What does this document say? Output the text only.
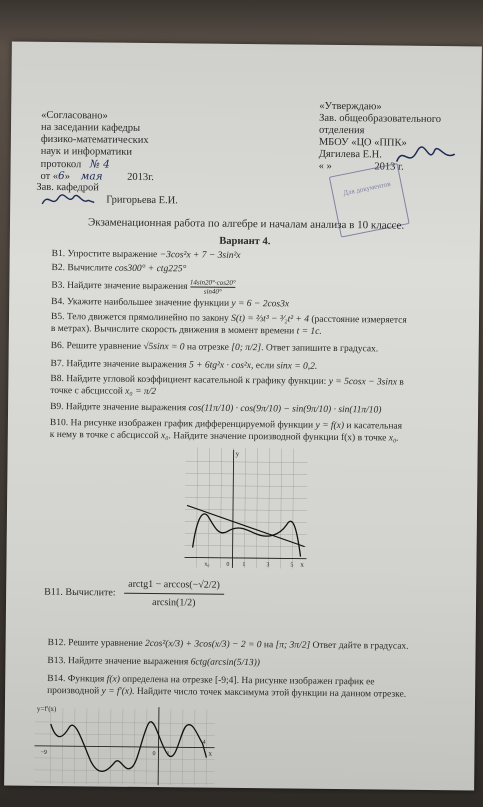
«Согласовано»
на заседании кафедры
физико-математических
наук и информатики
протокол № 4
от «6» мая 2013г.
Зав. кафедрой
Григорьева Е.И.
«Утверждаю»
Зав. общеобразовательного
отделения
МБОУ «ЦО «ППК»
Дягилева Е.Н.
« »	2013 г.
Для документов
Экзаменационная работа по алгебре и началам анализа в 10 классе.
Вариант 4.
B1. Упростите выражение −3cos²x + 7 − 3sin²x
B2. Вычислите cos300° + ctg225°
B3. Найдите значение выражения $\frac{14\sin 20^\circ\cdot\cos 20^\circ}{\sin 40^\circ}$
B4. Укажите наибольшее значение функции y = 6 − 2cos3x
B5. Тело движется прямолинейно по закону S(t) = ⅔t³ − ³⁄₂t² + 4 (расстояние измеряется
в метрах). Вычислите скорость движения в момент времени t = 1с.
B6. Решите уравнение √5sinx = 0 на отрезке [0; π/2]. Ответ запишите в градусах.
B7. Найдите значение выражения 5 + 6tg²x · cos²x, если sinx = 0,2.
B8. Найдите угловой коэффициент касательной к графику функции: y = 5cosx − 3sinx в
точке с абсциссой x₀ = π/2
B9. Найдите значение выражения cos(11π/10) · cos(9π/10) − sin(9π/10) · sin(11π/10)
B10. На рисунке изображен график дифференцируемой функции y = f(x) и касательная
к нему в точке с абсциссой x₀. Найдите значение производной функции f(x) в точке x₀.
y
x
0 1	3	5
x₀
B11. Вычислите:
arctg1 − arccos(−√2/2)
arcsin(1/2)
B12. Решите уравнение 2cos²(x/3) + 3cos(x/3) − 2 = 0 на [π; 3π/2] Ответ дайте в градусах.
B13. Найдите значение выражения 6ctg(arcsin(5/13))
B14. Функция f(x) определена на отрезке [-9;4]. На рисунке изображен график ее
производной y = f′(x). Найдите число точек максимума этой функции на данном отрезке.
y=f′(x)
x
−9	0 1
4
